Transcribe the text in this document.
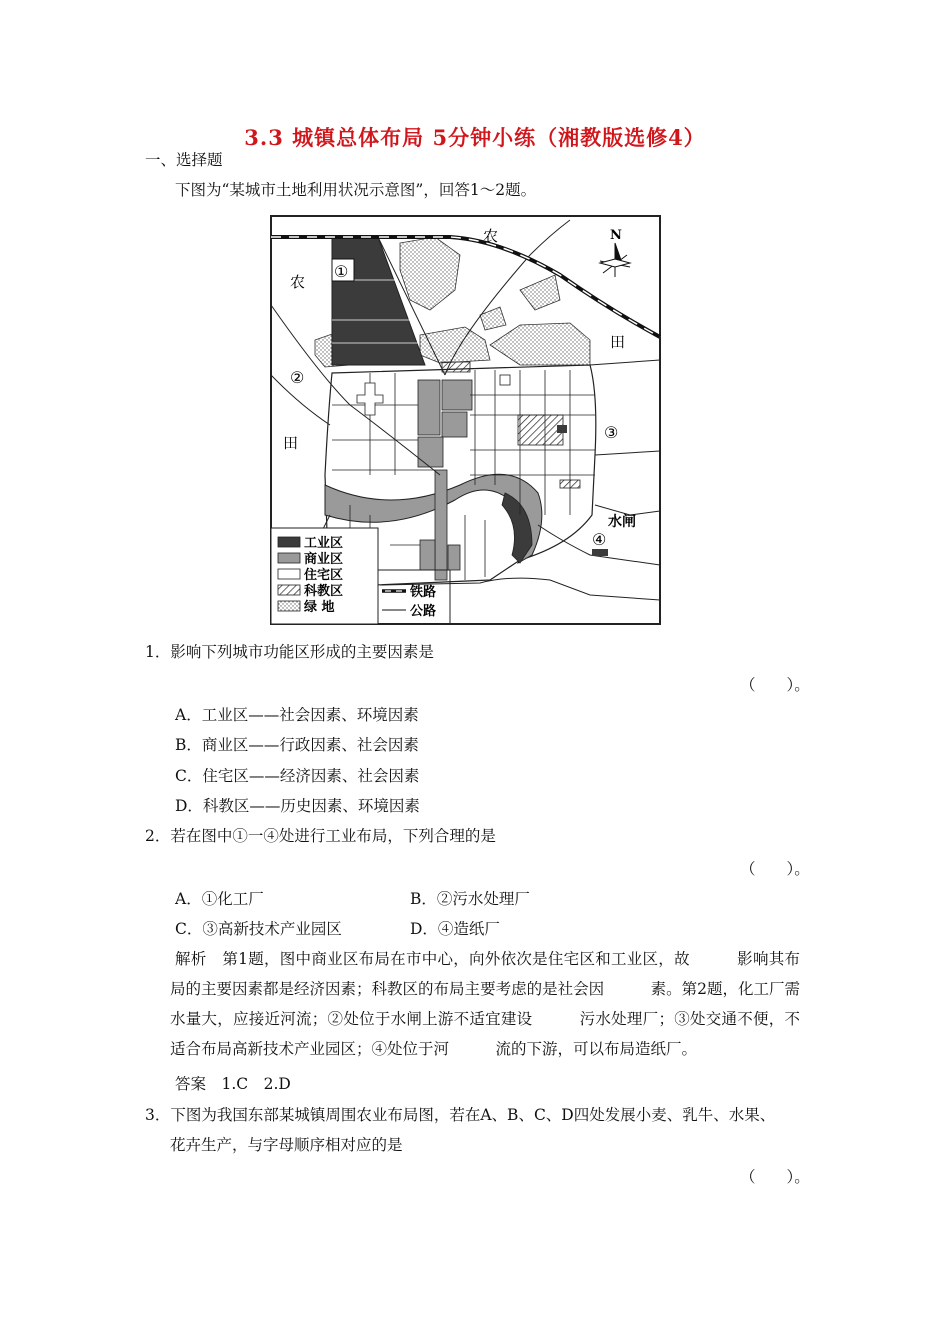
3.3 城镇总体布局 5分钟小练（湘教版选修4）
一、选择题
下图为“某城市土地利用状况示意图”，回答1～2题。
N
农
农
田
田
①
②
③
④
水闸
工业区
商业区
住宅区
科教区
绿 地
铁路
公路
1．影响下列城市功能区形成的主要因素是
（　　）。
A．工业区——社会因素、环境因素
B．商业区——行政因素、社会因素
C．住宅区——经济因素、社会因素
D．科教区——历史因素、环境因素
2．若在图中①一④处进行工业布局，下列合理的是
（　　）。
A．①化工厂	B．②污水处理厂
C．③高新技术产业园区	D．④造纸厂
解析　第1题，图中商业区布局在市中心，向外依次是住宅区和工业区，故　　　影响其布局的主要因素都是经济因素；科教区的布局主要考虑的是社会因　　　素。第2题，化工厂需水量大，应接近河流；②处位于水闸上游不适宜建设　　　污水处理厂；③处交通不便，不适合布局高新技术产业园区；④处位于河　　　流的下游，可以布局造纸厂。
答案　1.C　2.D
3．下图为我国东部某城镇周围农业布局图，若在A、B、C、D四处发展小麦、乳牛、水果、
花卉生产，与字母顺序相对应的是
（　　）。
